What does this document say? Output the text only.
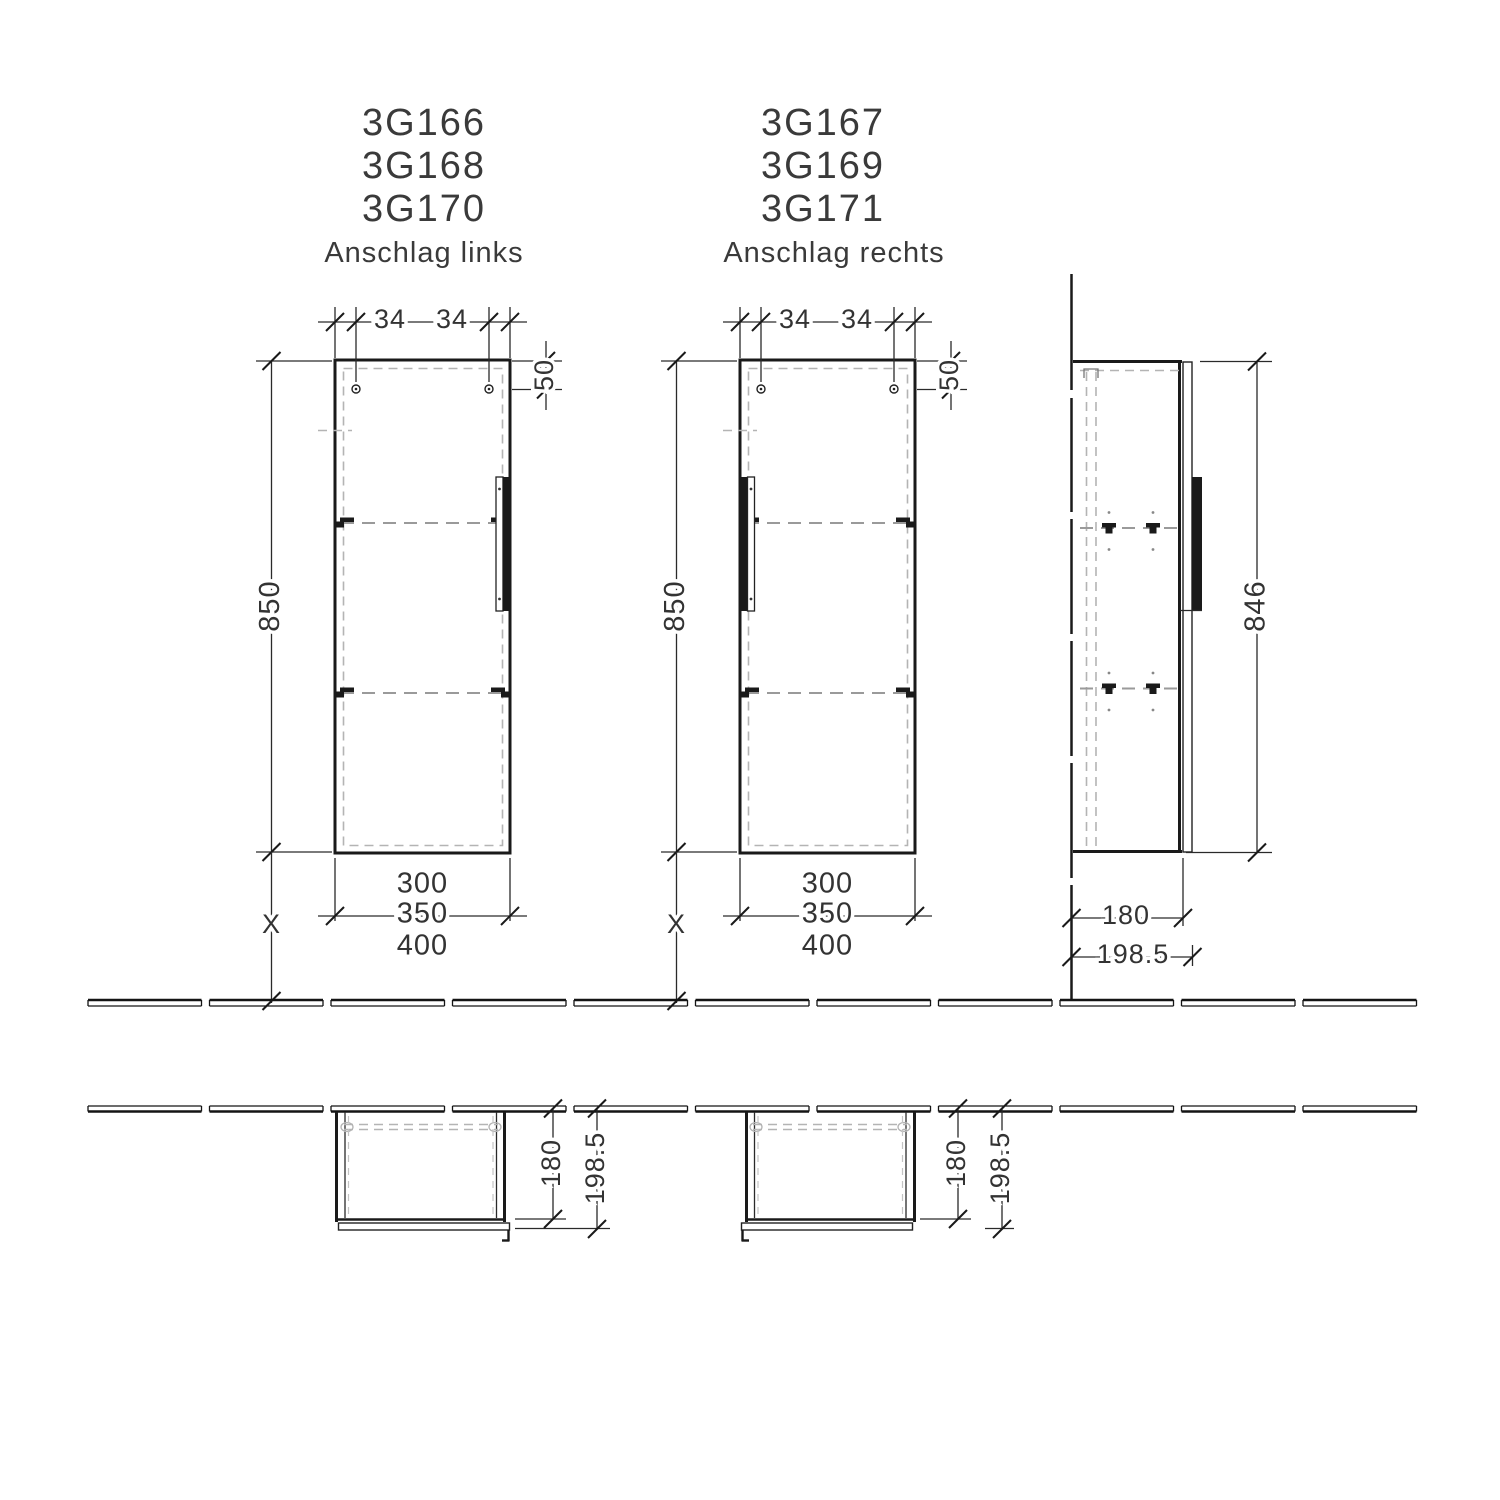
3G166
3G168
3G170
Anschlag links
3G167
3G169
3G171
Anschlag rechts
34 34
50
850
X
300
350
400
34 34
50
850
X
300
350
400
846
180
198.5
180 198.5	180 198.5
